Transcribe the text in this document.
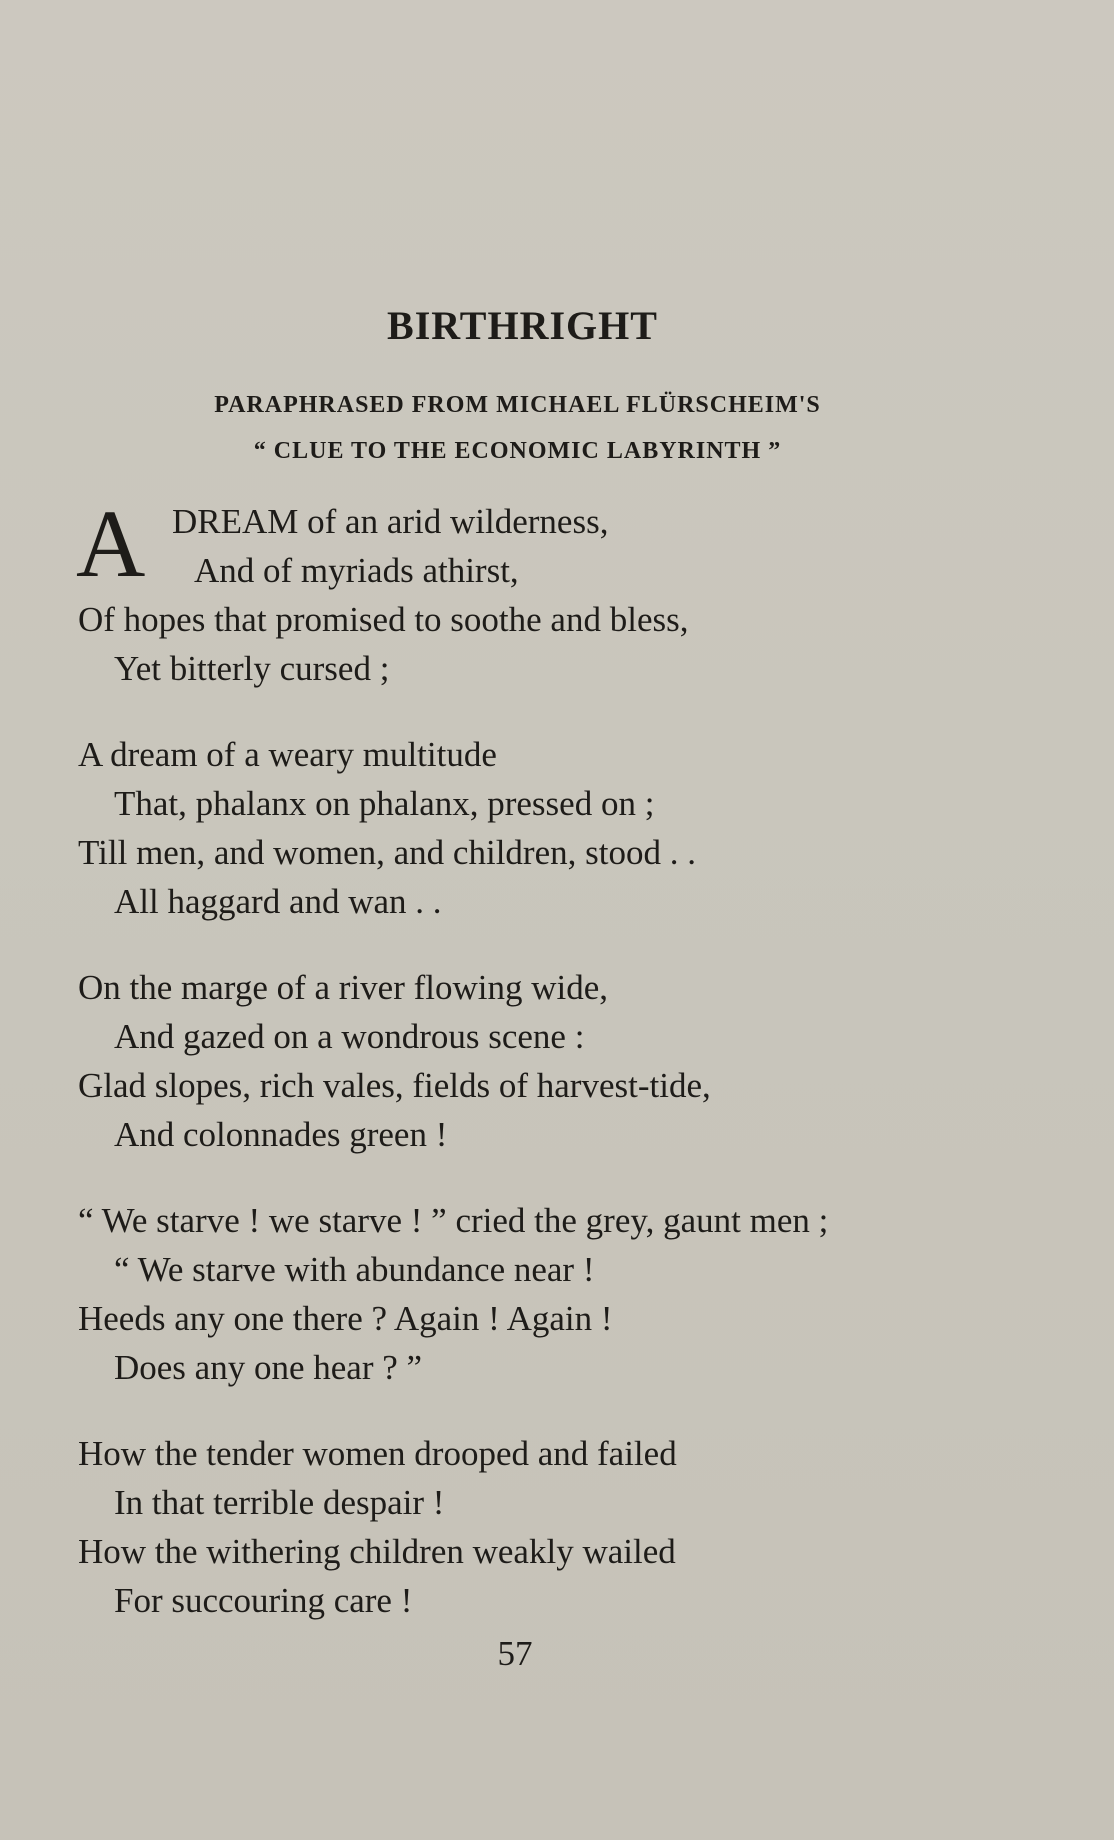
BIRTHRIGHT
PARAPHRASED FROM MICHAEL FLÜRSCHEIM'S
“ CLUE TO THE ECONOMIC LABYRINTH ”
A DREAM of an arid wilderness,
And of myriads athirst,
Of hopes that promised to soothe and bless,
Yet bitterly cursed ;
A dream of a weary multitude
That, phalanx on phalanx, pressed on ;
Till men, and women, and children, stood . .
All haggard and wan . .
On the marge of a river flowing wide,
And gazed on a wondrous scene :
Glad slopes, rich vales, fields of harvest-tide,
And colonnades green !
“ We starve ! we starve ! ” cried the grey, gaunt men ;
“ We starve with abundance near !
Heeds any one there ? Again ! Again !
Does any one hear ? ”
How the tender women drooped and failed
In that terrible despair !
How the withering children weakly wailed
For succouring care !
57
